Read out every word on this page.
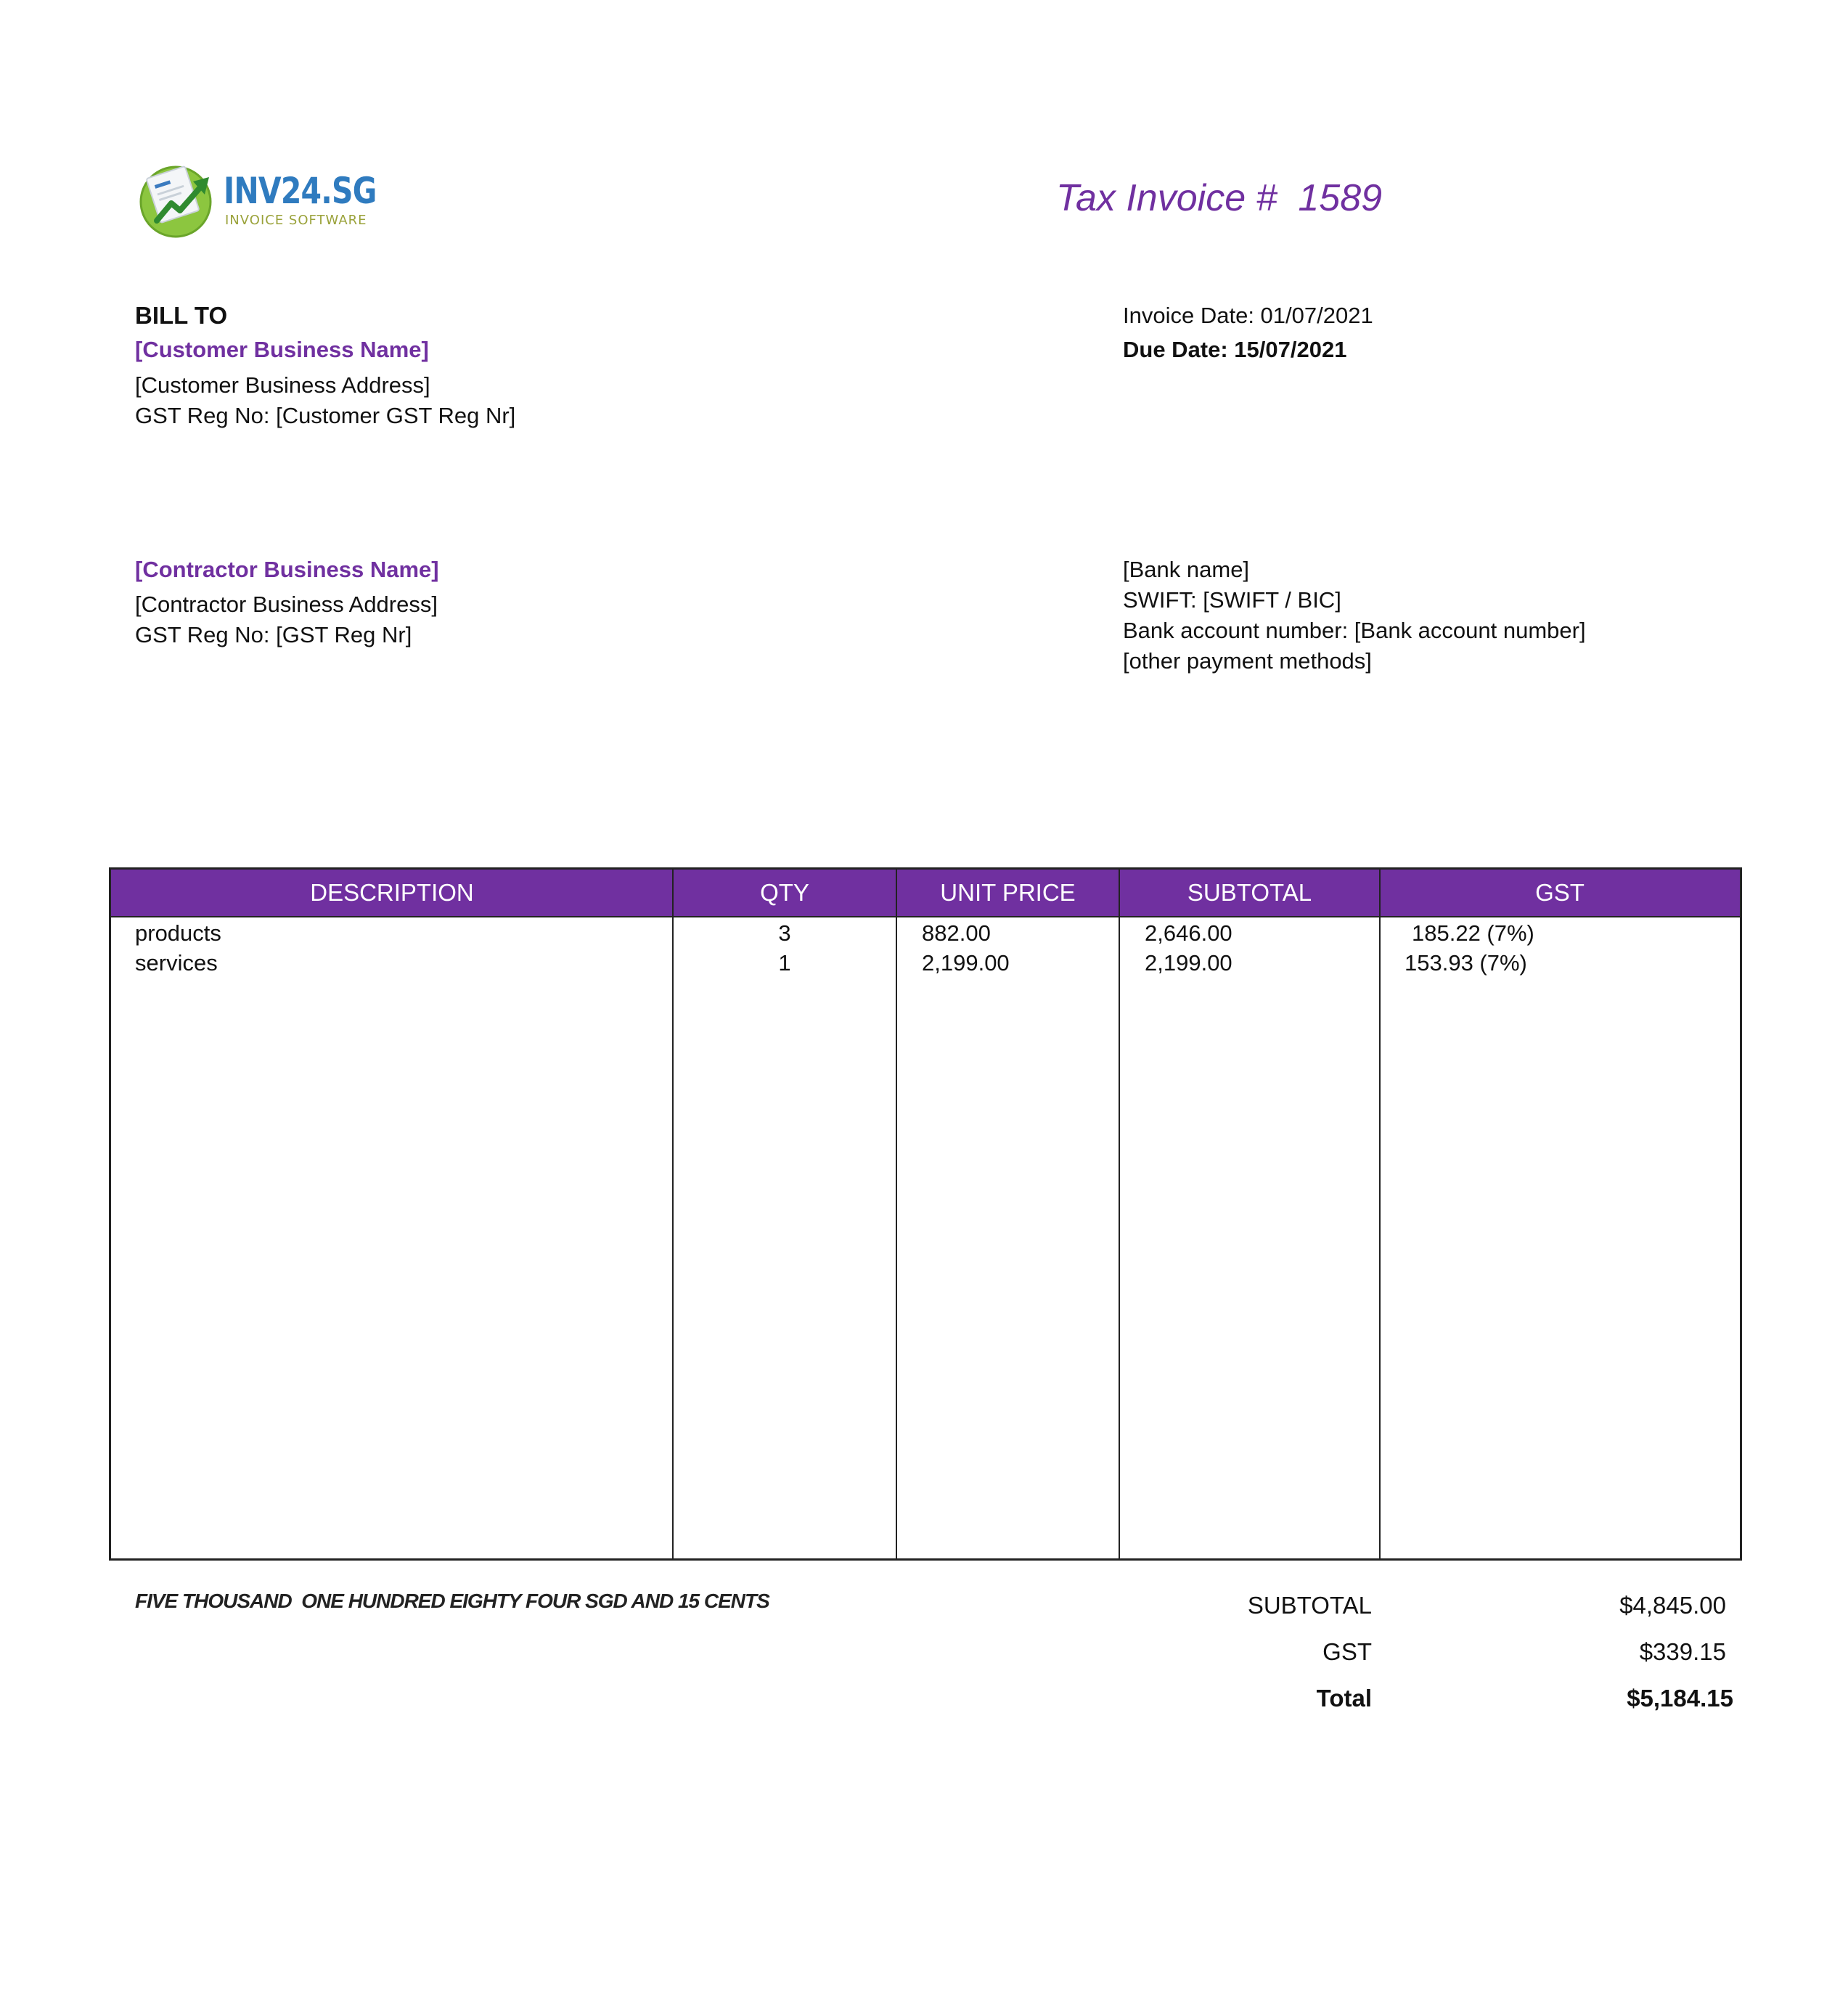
INV24.SG
INVOICE SOFTWARE
Tax Invoice #  1589
BILL TO
[Customer Business Name]
[Customer Business Address]
GST Reg No: [Customer GST Reg Nr]
Invoice Date: 01/07/2021
Due Date: 15/07/2021
[Contractor Business Name]
[Contractor Business Address]
GST Reg No: [GST Reg Nr]
[Bank name]
SWIFT: [SWIFT / BIC]
Bank account number: [Bank account number]
[other payment methods]
DESCRIPTION	QTY	UNIT PRICE	SUBTOTAL	GST
products	3	882.00	2,646.00	185.22 (7%)
services	1	2,199.00	2,199.00	153.93 (7%)
FIVE THOUSAND  ONE HUNDRED EIGHTY FOUR SGD AND 15 CENTS	SUBTOTAL	$4,845.00
GST	$339.15
Total	$5,184.15
